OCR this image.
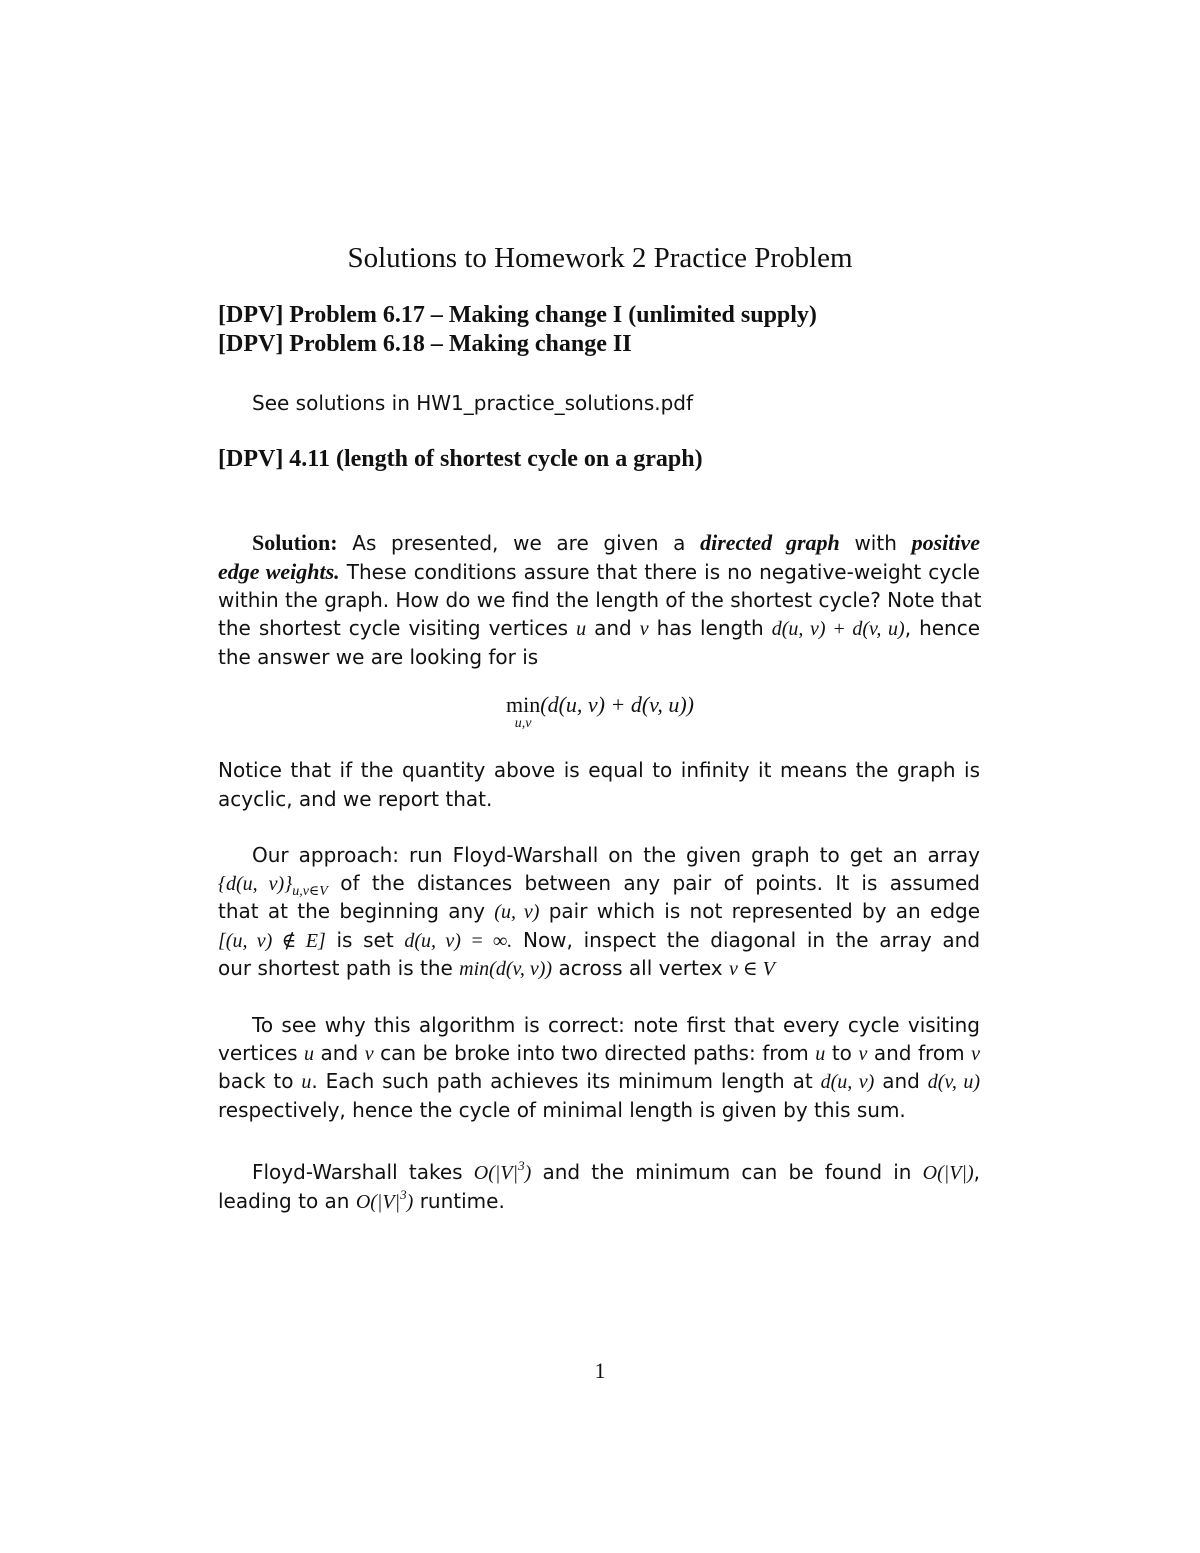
Solutions to Homework 2 Practice Problem
[DPV] Problem 6.17 – Making change I (unlimited supply)
[DPV] Problem 6.18 – Making change II
See solutions in HW1_practice_solutions.pdf
[DPV] 4.11 (length of shortest cycle on a graph)
Solution: As presented, we are given a directed graph with positive
edge weights. These conditions assure that there is no negative-weight cycle
within the graph. How do we find the length of the shortest cycle? Note that
the shortest cycle visiting vertices u and v has length d(u, v) + d(v, u), hence
the answer we are looking for is
min
u,v
(d(u, v) + d(v, u))
Notice that if the quantity above is equal to infinity it means the graph is
acyclic, and we report that.
Our approach: run Floyd-Warshall on the given graph to get an array
{d(u, $v)\}_{u,v\in V}$ of the distances between any pair of points. It is assumed
that at the beginning any (u, v) pair which is not represented by an edge
[(u, v) ∉ E] is set d(u, v) = ∞. Now, inspect the diagonal in the array and
our shortest path is the min(d(v, v)) across all vertex v ∈ V
To see why this algorithm is correct: note first that every cycle visiting
vertices u and v can be broke into two directed paths: from u to v and from v
back to u. Each such path achieves its minimum length at d(u, v) and d(v, u)
respectively, hence the cycle of minimal length is given by this sum.
Floyd-Warshall takes $O(|V|^3)$ and the minimum can be found in O(|V|),
leading to an $O(|V|^3)$ runtime.
1
